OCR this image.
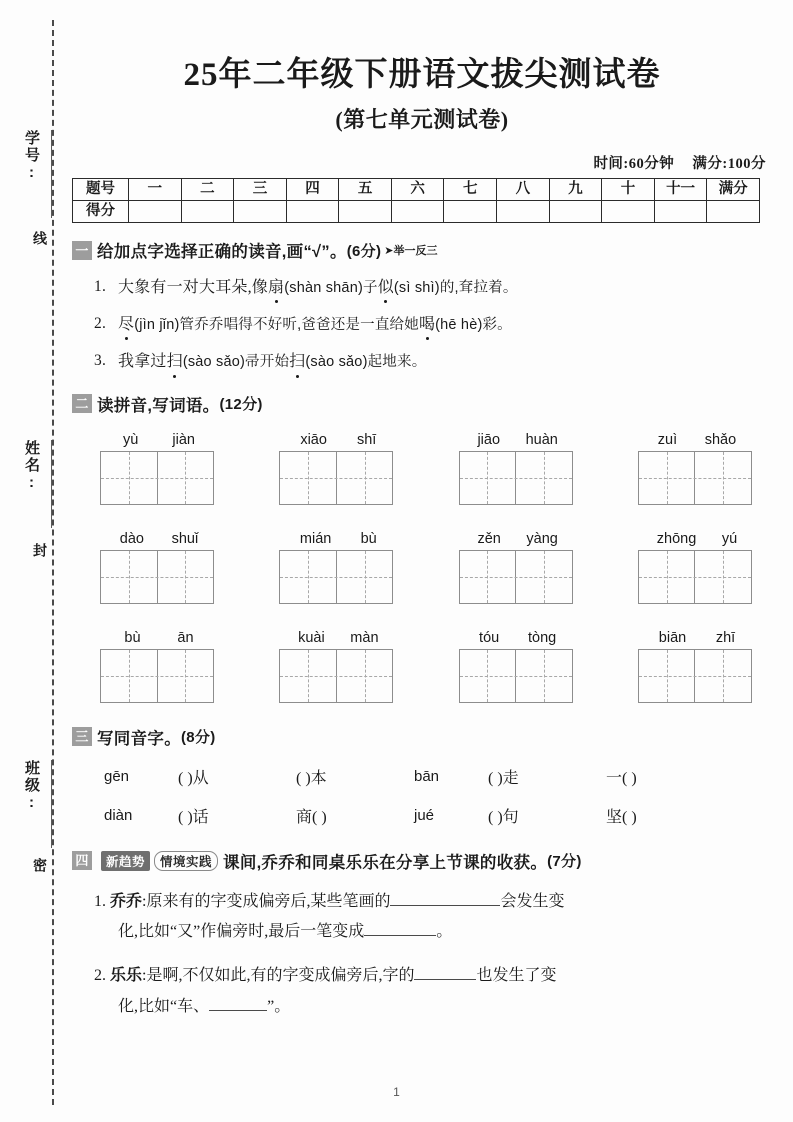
学号:
姓名:
班级:
线
封
密
25年二年级下册语文拔尖测试卷
(第七单元测试卷)
时间:60分钟 满分:100分
题号	一	二	三	四	五	六	七	八	九	十	十一	满分
得分												
一 给加点字选择正确的读音,画“√”。 (6分) ➤举一反三
1. 大象有一对大耳朵,像扇(shàn shān)子似(sì shì)的,耷拉着。
2. 尽(jìn jǐn)管乔乔唱得不好听,爸爸还是一直给她喝(hē hè)彩。
3. 我拿过扫(sào sǎo)帚开始扫(sào sǎo)起地来。
二 读拼音,写词语。 (12分)
yù jiàn	xiāo shī	jiāo huàn	zuì shǎo
dào shuǐ	mián bù	zěn yàng	zhōng yú
bù	ān	kuài màn	tóu tòng	biān zhī
三 写同音字。 (8分)
gēn	( )从	( )本	bān	( )走	一( )
diàn	( )话	商( )	jué	( )句	坚( )
四	新趋势	情境实践 课间,乔乔和同桌乐乐在分享上节课的收获。 (7分)
1. 乔乔:原来有的字变成偏旁后,某些笔画的	会发生变
化,比如“又”作偏旁时,最后一笔变成	。
2. 乐乐:是啊,不仅如此,有的字变成偏旁后,字的	也发生了变
化,比如“车、	”。
1
